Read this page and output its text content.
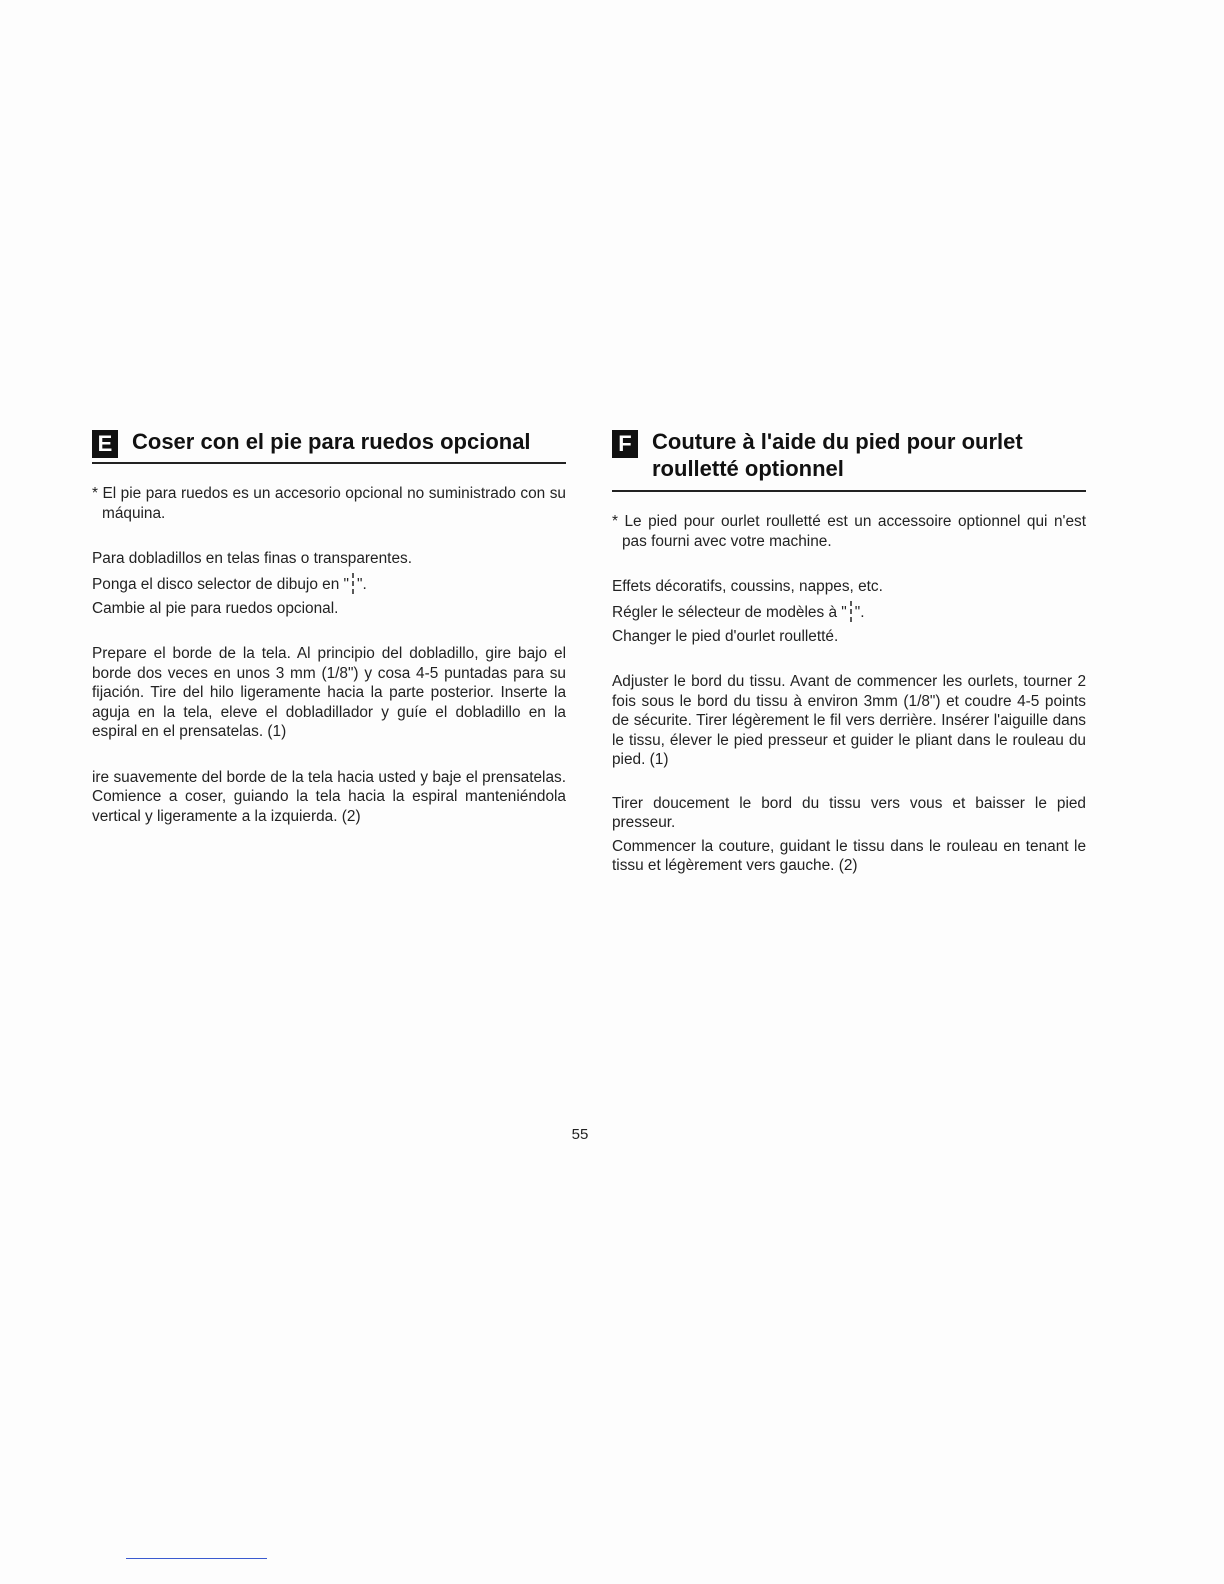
E Coser con el pie para ruedos opcional

* El pie para ruedos es un accesorio opcional no suministrado con su máquina.

Para dobladillos en telas finas o transparentes.

Ponga el disco selector de dibujo en " ".

Cambie al pie para ruedos opcional.

Prepare el borde de la tela. Al principio del dobladillo, gire bajo el borde dos veces en unos 3 mm (1/8") y cosa 4-5 puntadas para su fijación. Tire del hilo ligeramente hacia la parte posterior. Inserte la aguja en la tela, eleve el dobladillador y guíe el dobladillo en la espiral en el prensatelas. (1)

ire suavemente del borde de la tela hacia usted y baje el prensatelas. Comience a coser, guiando la tela hacia la espiral manteniéndola vertical y ligeramente a la izquierda. (2)

F Couture à l'aide du pied pour ourlet roulletté optionnel

* Le pied pour ourlet roulletté est un accessoire optionnel qui n'est pas fourni avec votre machine.

Effets décoratifs, coussins, nappes, etc.

Régler le sélecteur de modèles à " ".

Changer le pied d'ourlet roulletté.

Adjuster le bord du tissu. Avant de commencer les ourlets, tourner 2 fois sous le bord du tissu à environ 3mm (1/8") et coudre 4-5 points de sécurite. Tirer légèrement le fil vers derrière. Insérer l'aiguille dans le tissu, élever le pied presseur et guider le pliant dans le rouleau du pied. (1)

Tirer doucement le bord du tissu vers vous et baisser le pied presseur.

Commencer la couture, guidant le tissu dans le rouleau en tenant le tissu et légèrement vers gauche. (2)

55
